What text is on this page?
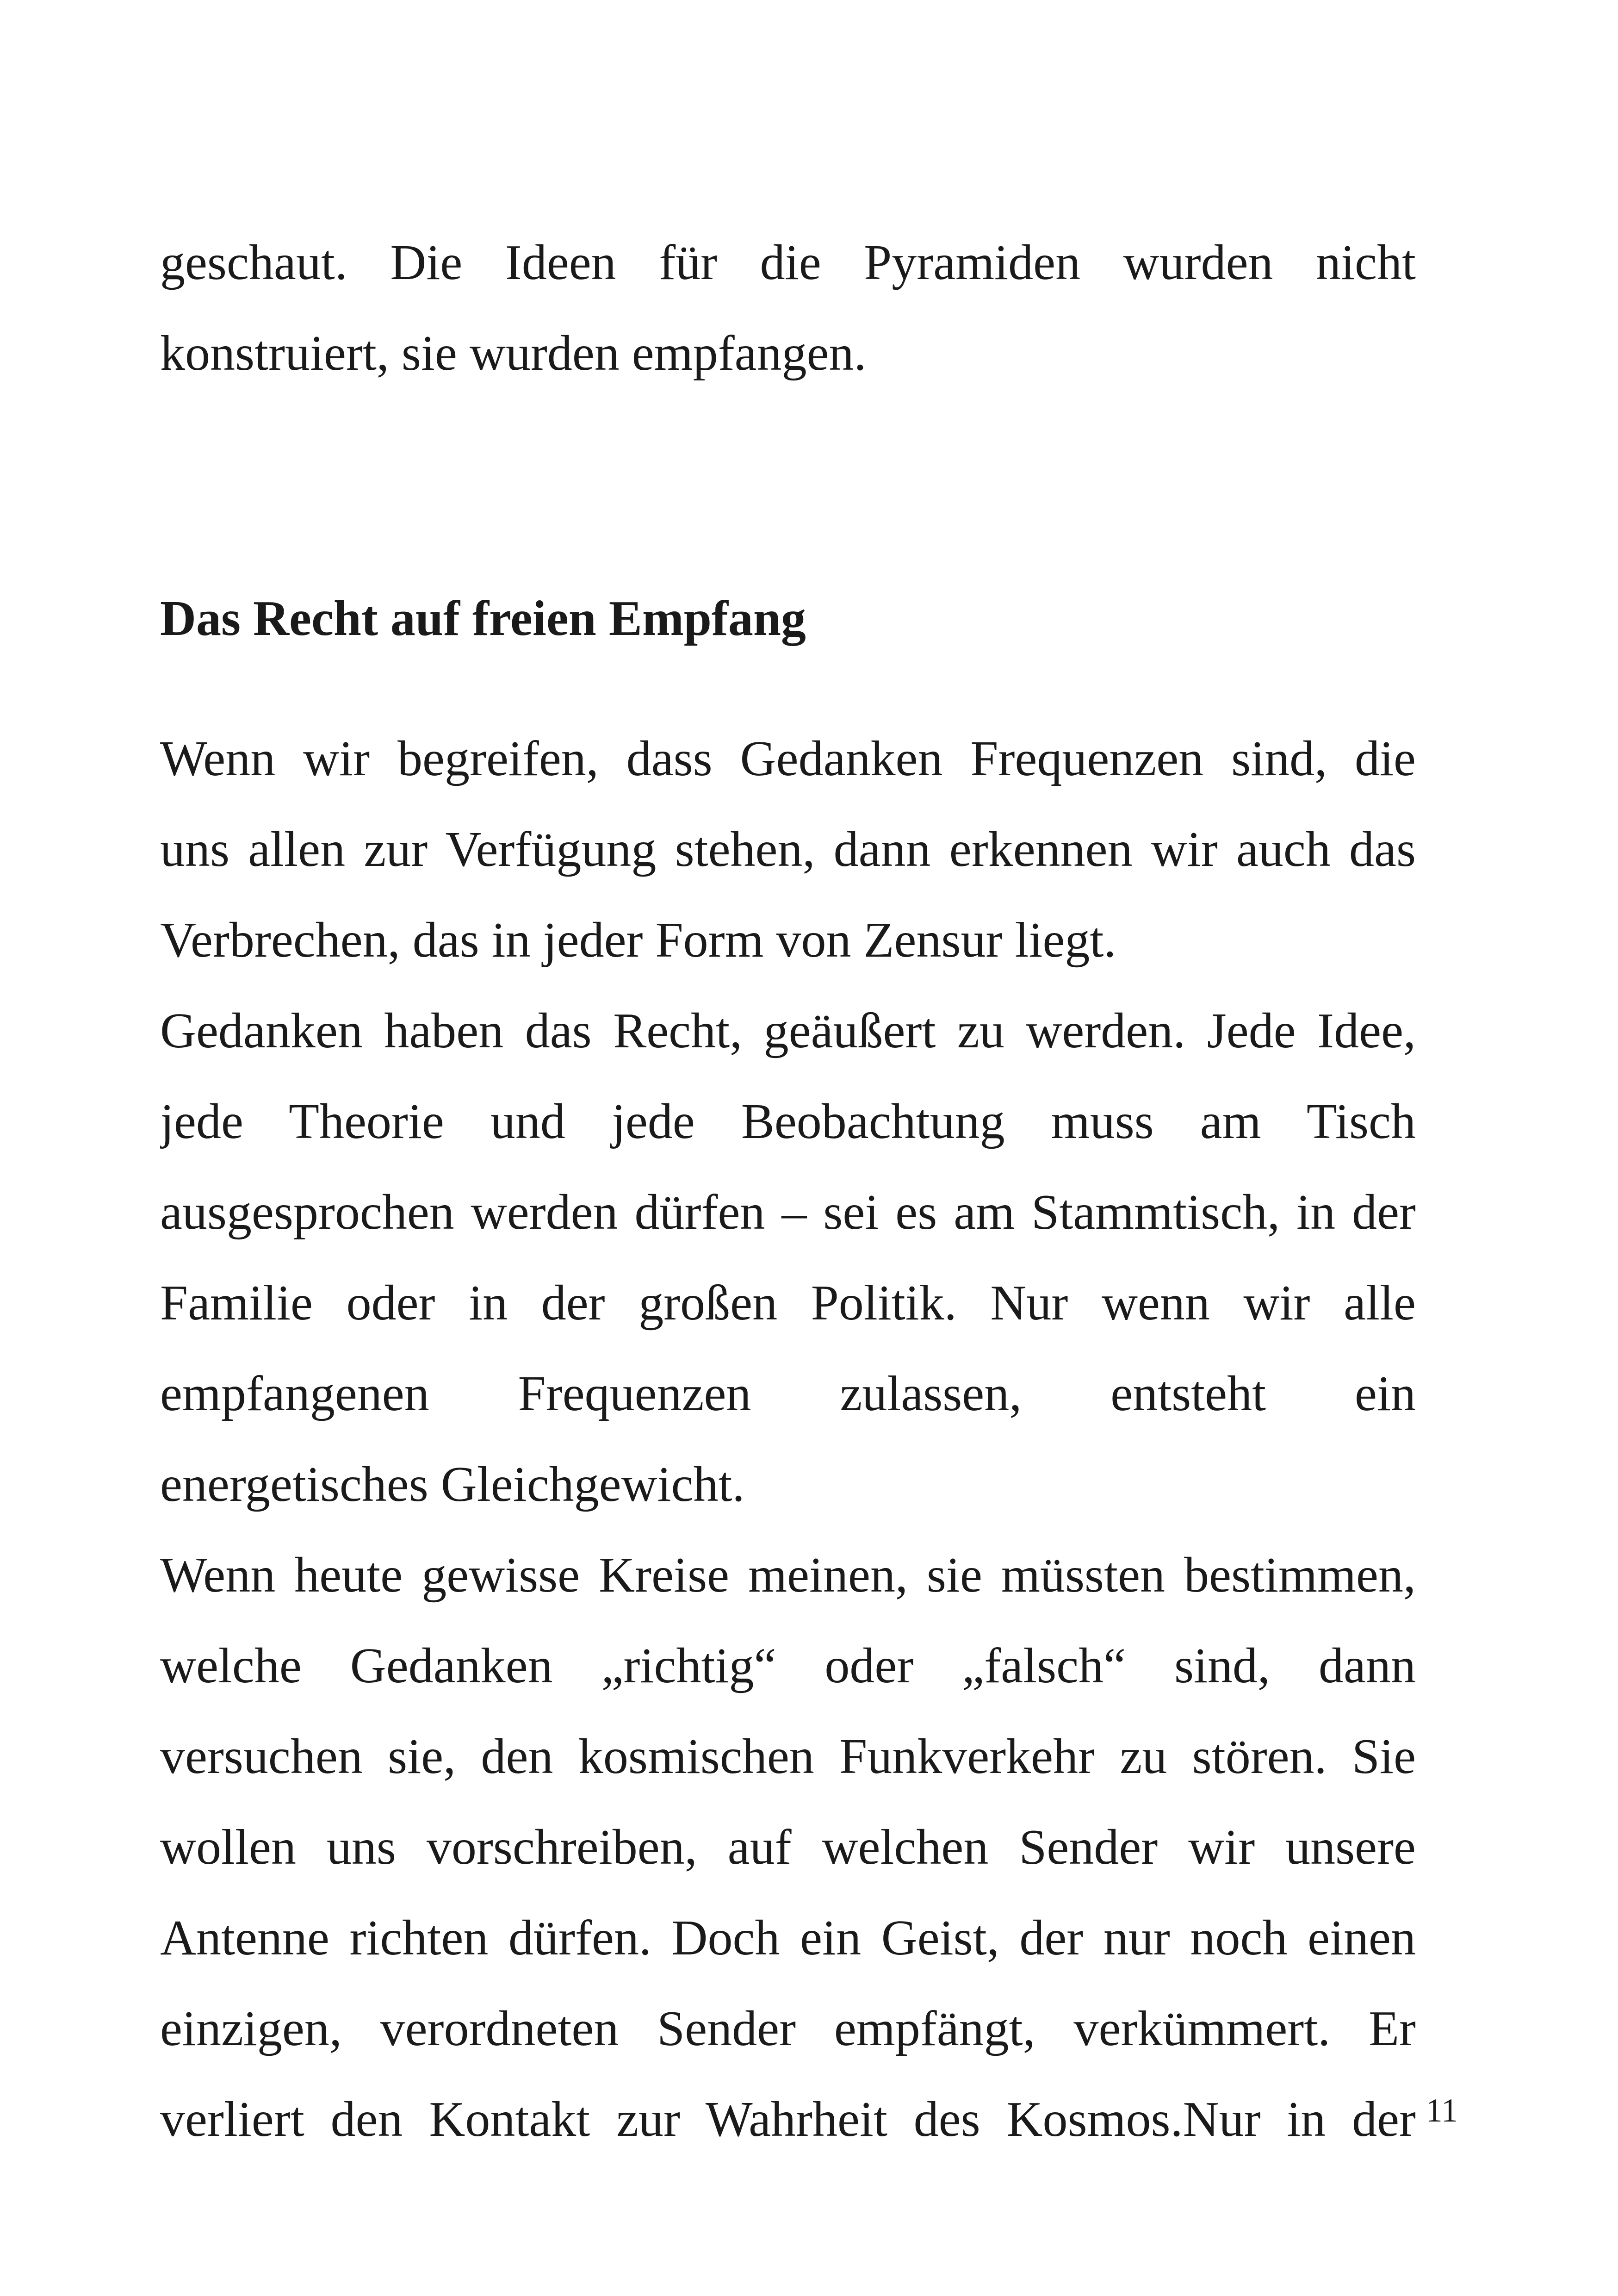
geschaut. Die Ideen für die Pyramiden wurden nicht
konstruiert, sie wurden empfangen.
Das Recht auf freien Empfang
Wenn wir begreifen, dass Gedanken Frequenzen sind, die
uns allen zur Verfügung stehen, dann erkennen wir auch das
Verbrechen, das in jeder Form von Zensur liegt.
Gedanken haben das Recht, geäußert zu werden. Jede Idee,
jede Theorie und jede Beobachtung muss am Tisch
ausgesprochen werden dürfen – sei es am Stammtisch, in der
Familie oder in der großen Politik. Nur wenn wir alle
empfangenen Frequenzen zulassen, entsteht ein
energetisches Gleichgewicht.
Wenn heute gewisse Kreise meinen, sie müssten bestimmen,
welche Gedanken „richtig“ oder „falsch“ sind, dann
versuchen sie, den kosmischen Funkverkehr zu stören. Sie
wollen uns vorschreiben, auf welchen Sender wir unsere
Antenne richten dürfen. Doch ein Geist, der nur noch einen
einzigen, verordneten Sender empfängt, verkümmert. Er
verliert den Kontakt zur Wahrheit des Kosmos.Nur in der 11
